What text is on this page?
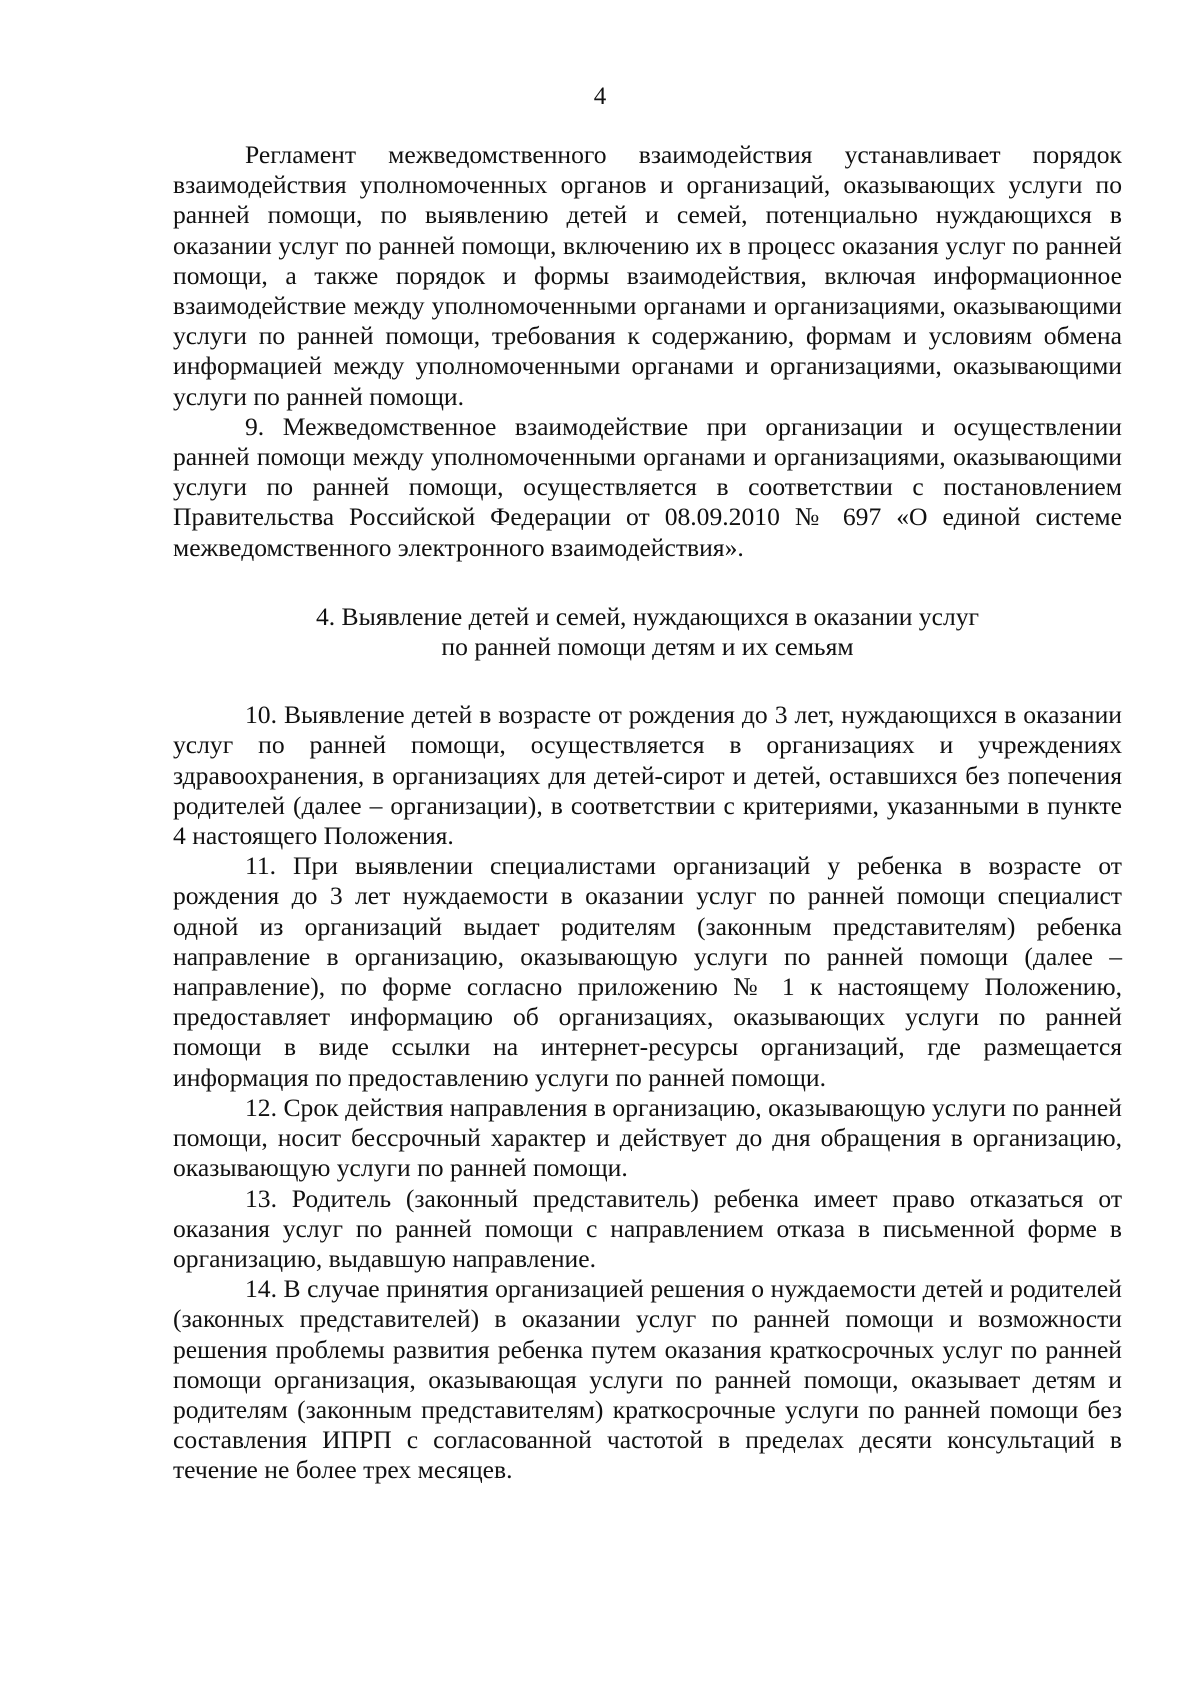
4

Регламент межведомственного взаимодействия устанавливает порядок взаимодействия уполномоченных органов и организаций, оказывающих услуги по ранней помощи, по выявлению детей и семей, потенциально нуждающихся в оказании услуг по ранней помощи, включению их в процесс оказания услуг по ранней помощи, а также порядок и формы взаимодействия, включая информационное взаимодействие между уполномоченными органами и организациями, оказывающими услуги по ранней помощи, требования к содержанию, формам и условиям обмена информацией между уполномоченными органами и организациями, оказывающими услуги по ранней помощи.

9. Межведомственное взаимодействие при организации и осуществлении ранней помощи между уполномоченными органами и организациями, оказывающими услуги по ранней помощи, осуществляется в соответствии с постановлением Правительства Российской Федерации от 08.09.2010 № 697 «О единой системе межведомственного электронного взаимодействия».

4. Выявление детей и семей, нуждающихся в оказании услуг
по ранней помощи детям и их семьям

10. Выявление детей в возрасте от рождения до 3 лет, нуждающихся в оказании услуг по ранней помощи, осуществляется в организациях и учреждениях здравоохранения, в организациях для детей-сирот и детей, оставшихся без попечения родителей (далее – организации), в соответствии с критериями, указанными в пункте 4 настоящего Положения.

11. При выявлении специалистами организаций у ребенка в возрасте от рождения до 3 лет нуждаемости в оказании услуг по ранней помощи специалист одной из организаций выдает родителям (законным представителям) ребенка направление в организацию, оказывающую услуги по ранней помощи (далее – направление), по форме согласно приложению № 1 к настоящему Положению, предоставляет информацию об организациях, оказывающих услуги по ранней помощи в виде ссылки на интернет-ресурсы организаций, где размещается информация по предоставлению услуги по ранней помощи.

12. Срок действия направления в организацию, оказывающую услуги по ранней помощи, носит бессрочный характер и действует до дня обращения в организацию, оказывающую услуги по ранней помощи.

13. Родитель (законный представитель) ребенка имеет право отказаться от оказания услуг по ранней помощи с направлением отказа в письменной форме в организацию, выдавшую направление.

14. В случае принятия организацией решения о нуждаемости детей и родителей (законных представителей) в оказании услуг по ранней помощи и возможности решения проблемы развития ребенка путем оказания краткосрочных услуг по ранней помощи организация, оказывающая услуги по ранней помощи, оказывает детям и родителям (законным представителям) краткосрочные услуги по ранней помощи без составления ИПРП с согласованной частотой в пределах десяти консультаций в течение не более трех месяцев.
